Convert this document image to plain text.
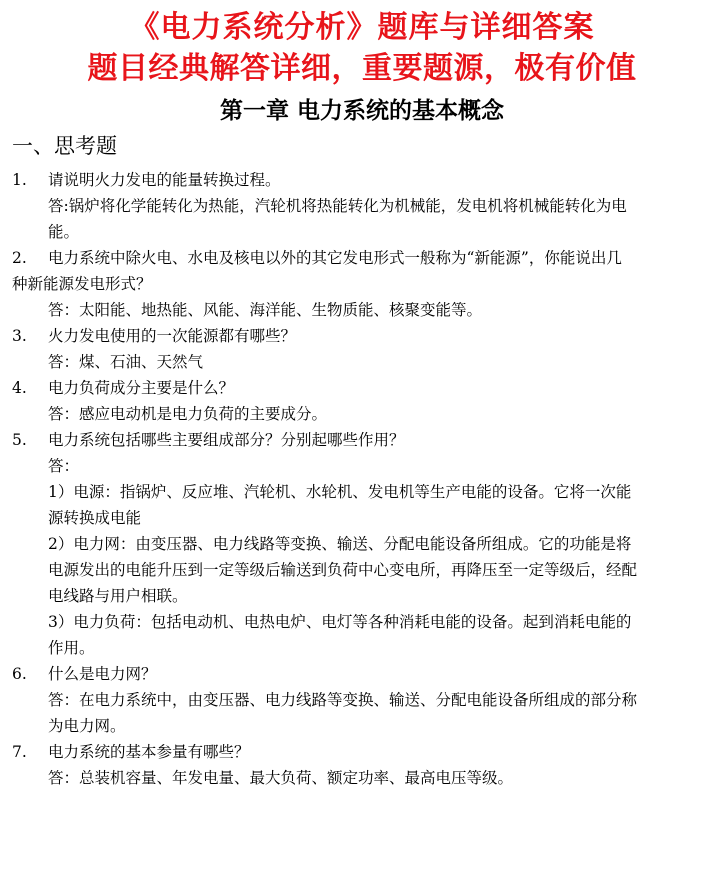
《电力系统分析》题库与详细答案
题目经典解答详细，重要题源，极有价值
第一章 电力系统的基本概念
一、思考题
1.	请说明火力发电的能量转换过程。
答:锅炉将化学能转化为热能，汽轮机将热能转化为机械能，发电机将机械能转化为电
能。
2.	电力系统中除火电、水电及核电以外的其它发电形式一般称为“新能源”，你能说出几
种新能源发电形式？
答：太阳能、地热能、风能、海洋能、生物质能、核聚变能等。
3.	火力发电使用的一次能源都有哪些？
答：煤、石油、天然气
4.	电力负荷成分主要是什么？
答：感应电动机是电力负荷的主要成分。
5.	电力系统包括哪些主要组成部分？分别起哪些作用？
答：
1）电源：指锅炉、反应堆、汽轮机、水轮机、发电机等生产电能的设备。它将一次能
源转换成电能
2）电力网：由变压器、电力线路等变换、输送、分配电能设备所组成。它的功能是将
电源发出的电能升压到一定等级后输送到负荷中心变电所，再降压至一定等级后，经配
电线路与用户相联。
3）电力负荷：包括电动机、电热电炉、电灯等各种消耗电能的设备。起到消耗电能的
作用。
6.	什么是电力网？
答：在电力系统中，由变压器、电力线路等变换、输送、分配电能设备所组成的部分称
为电力网。
7.	电力系统的基本参量有哪些？
答：总装机容量、年发电量、最大负荷、额定功率、最高电压等级。
